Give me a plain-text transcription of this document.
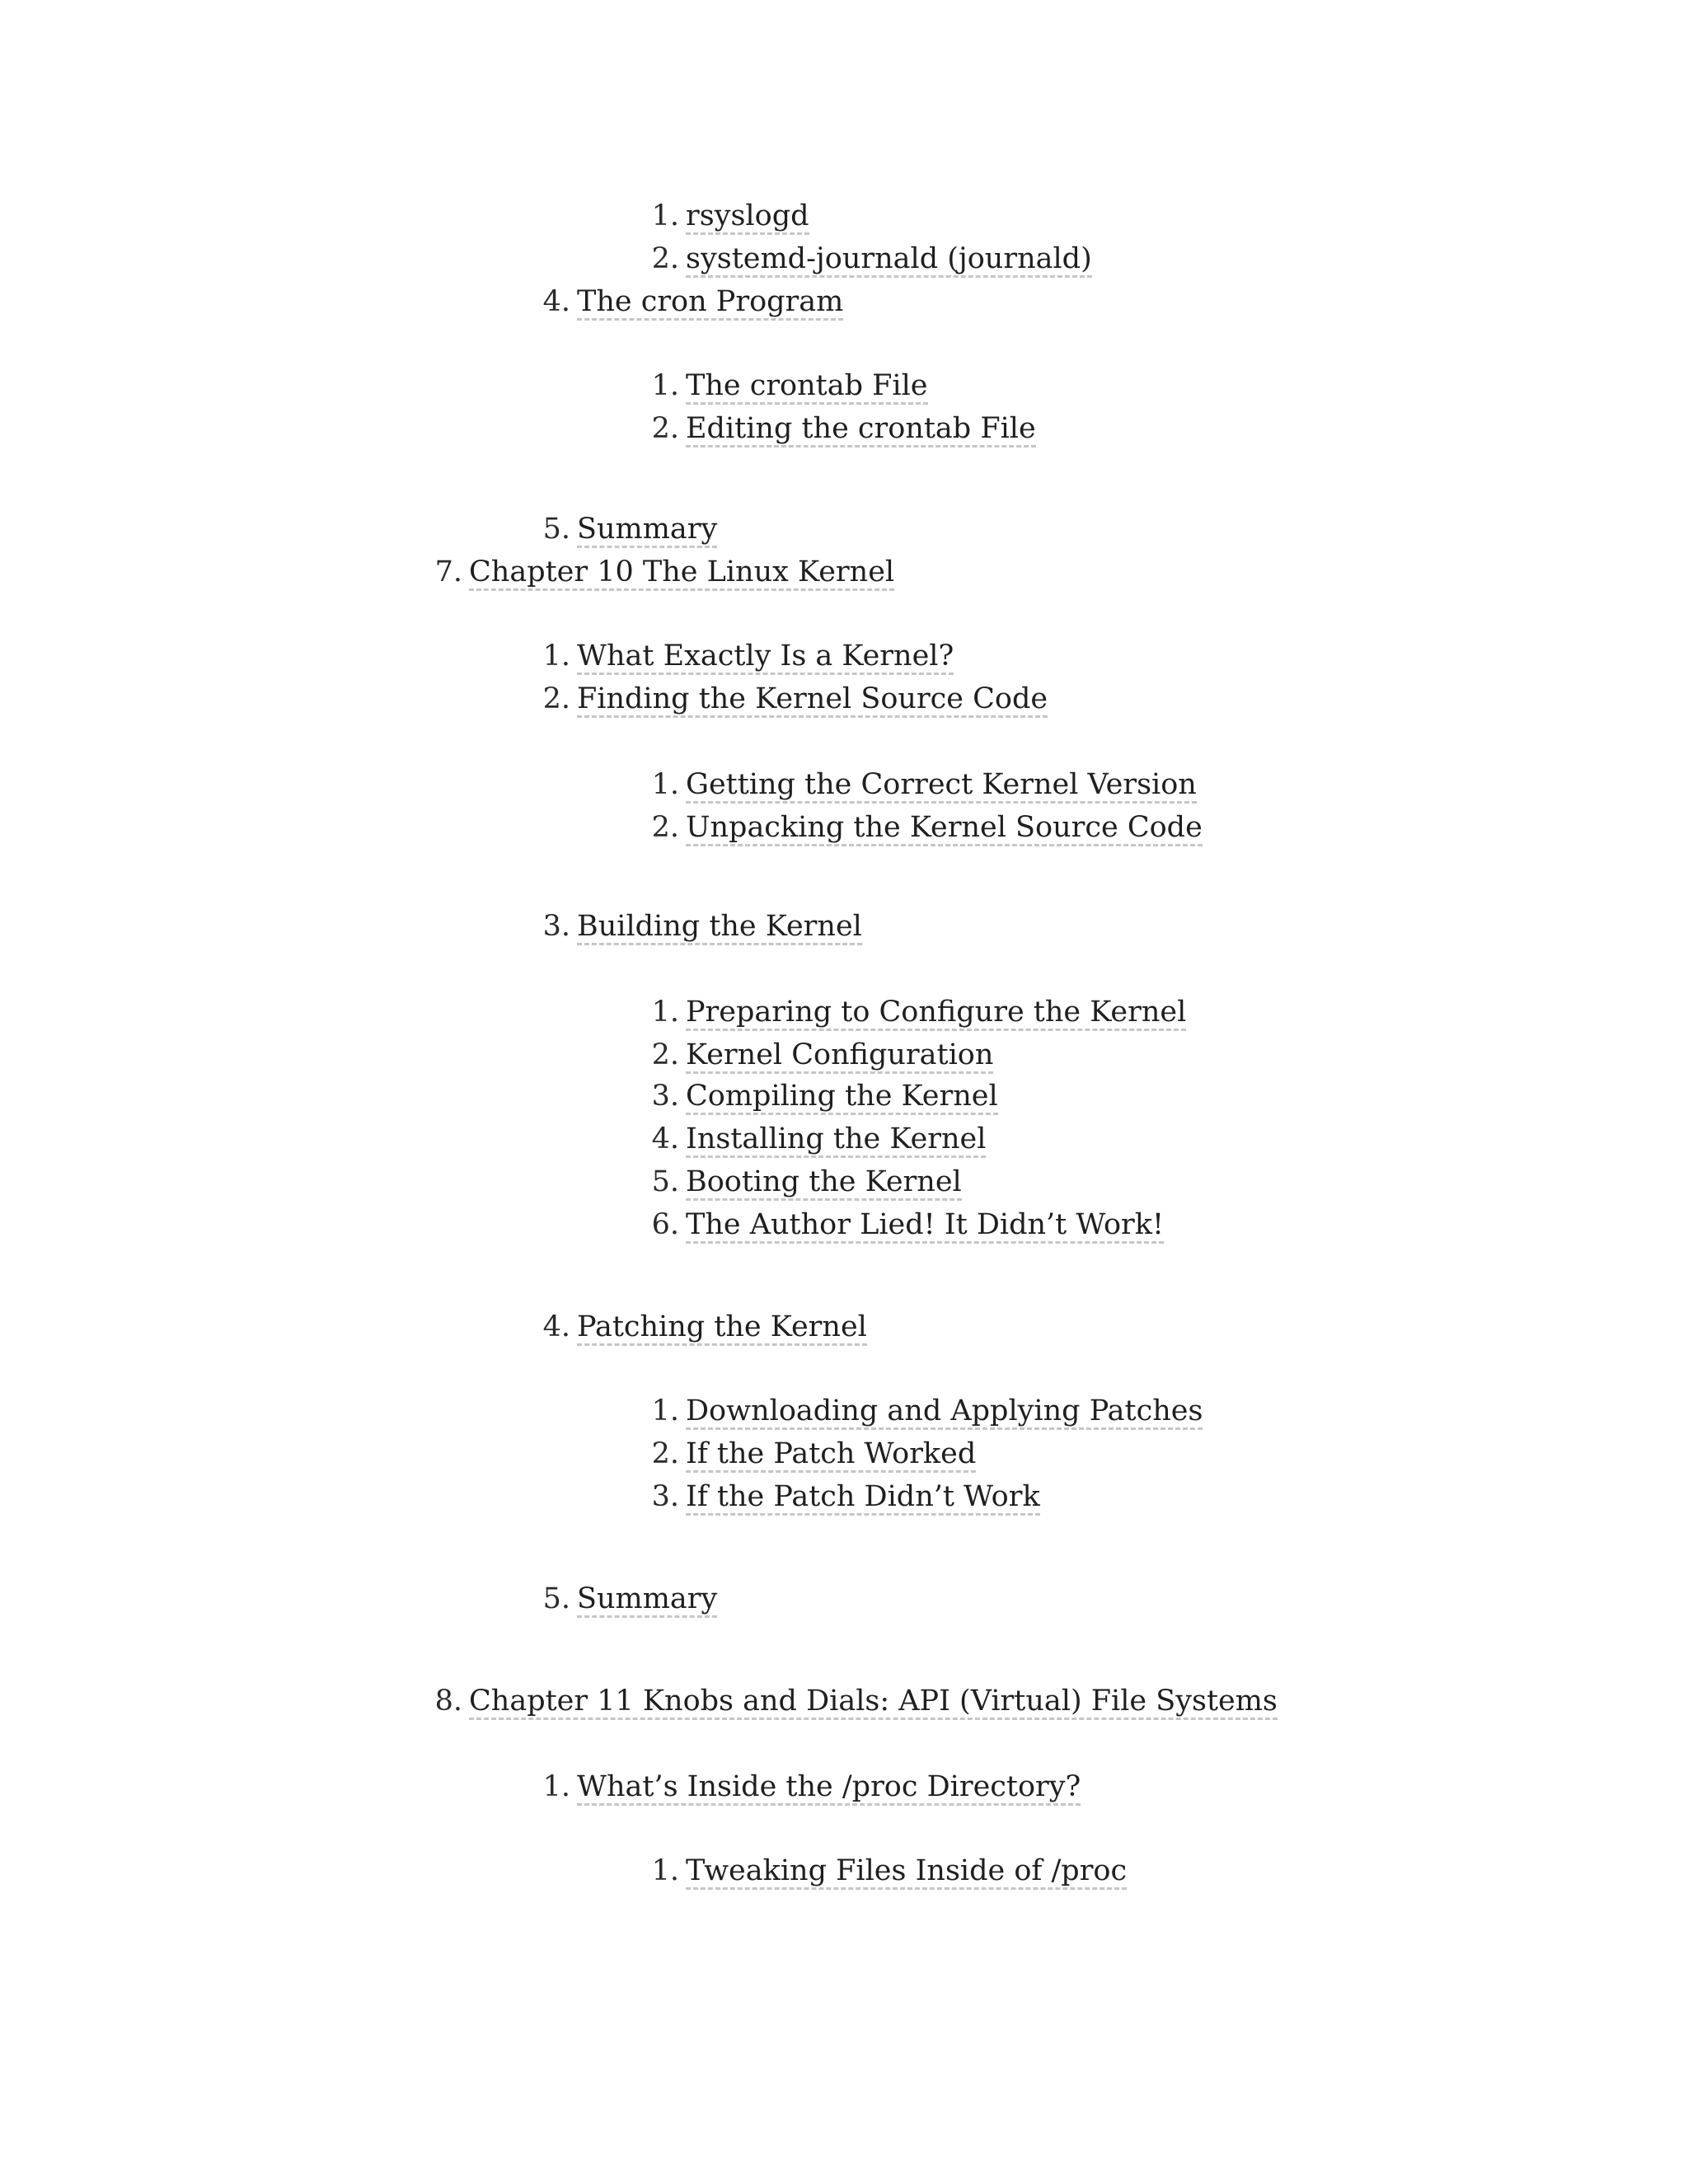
1. rsyslogd
2. systemd-journald (journald)
4. The cron Program
1. The crontab File
2. Editing the crontab File
5. Summary
7. Chapter 10 The Linux Kernel
1. What Exactly Is a Kernel?
2. Finding the Kernel Source Code
1. Getting the Correct Kernel Version
2. Unpacking the Kernel Source Code
3. Building the Kernel
1. Preparing to Configure the Kernel
2. Kernel Configuration
3. Compiling the Kernel
4. Installing the Kernel
5. Booting the Kernel
6. The Author Lied! It Didn’t Work!
4. Patching the Kernel
1. Downloading and Applying Patches
2. If the Patch Worked
3. If the Patch Didn’t Work
5. Summary
8. Chapter 11 Knobs and Dials: API (Virtual) File Systems
1. What’s Inside the /proc Directory?
1. Tweaking Files Inside of /proc
